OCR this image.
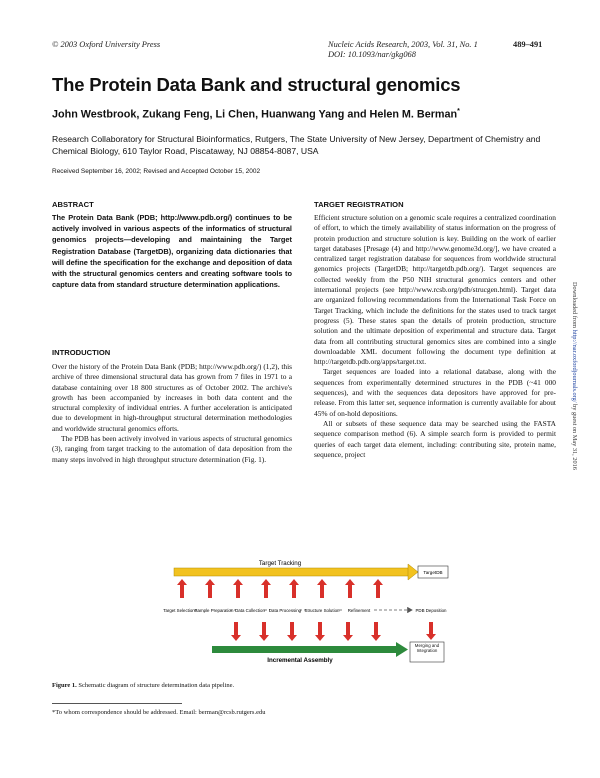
© 2003 Oxford University Press	Nucleic Acids Research, 2003, Vol. 31, No. 1	489–491
DOI: 10.1093/nar/gkg068
The Protein Data Bank and structural genomics
John Westbrook, Zukang Feng, Li Chen, Huanwang Yang and Helen M. Berman*
Research Collaboratory for Structural Bioinformatics, Rutgers, The State University of New Jersey, Department of Chemistry and Chemical Biology, 610 Taylor Road, Piscataway, NJ 08854-8087, USA
Received September 16, 2002; Revised and Accepted October 15, 2002
ABSTRACT
The Protein Data Bank (PDB; http://www.pdb.org/) continues to be actively involved in various aspects of the informatics of structural genomics projects—developing and maintaining the Target Registration Database (TargetDB), organizing data dictionaries that will define the specification for the exchange and deposition of data with the structural genomics centers and creating software tools to capture data from standard structure determination applications.
INTRODUCTION

Over the history of the Protein Data Bank (PDB; http://www.pdb.org/) (1,2), this archive of three dimensional structural data has grown from 7 files in 1971 to a database containing over 18 800 structures as of October 2002. The archive's growth has been accompanied by increases in both data content and the structural complexity of individual entries. A further acceleration is anticipated due to development in high-throughput structural determination methodologies and worldwide structural genomics efforts.

The PDB has been actively involved in various aspects of structural genomics (3), ranging from target tracking to the automation of data deposition from the many steps involved in high throughput structure determination (Fig. 1).

TARGET REGISTRATION

Efficient structure solution on a genomic scale requires a centralized coordination of effort, to which the timely availability of status information on the progress of protein production and structure solution is key. Building on the work of earlier target databases [Presage (4) and http://www.genome3d.org/], we have created a centralized target registration database for sequences from worldwide structural genomics projects (TargetDB; http://targetdb.pdb.org/). Target sequences are collected weekly from the P50 NIH structural genomics centers and other international projects (see http://www.rcsb.org/pdb/strucgen.html). Target data are organized following recommendations from the International Task Force on Target Tracking, which include the definitions for the states used to track target progress (5). These states span the details of protein production, structure solution and the ultimate deposition of experimental and structure data. Target data from all contributing structural genomics sites are combined into a single downloadable XML document following the document type definition at http://targetdb.pdb.org/apps/target.txt.

Target sequences are loaded into a relational database, along with the sequences from experimentally determined structures in the PDB (~41 000 sequences), and with the sequences data depositors have approved for pre-release. From this latter set, sequence information is currently available for about 45% of on-hold depositions.

All or subsets of these sequence data may be searched using the FASTA sequence comparison method (6). A simple search form is provided to permit queries of each target data element, including: contributing site, protein name, sequence, project

Downloaded from http://nar.oxfordjournals.org/ by guest on May 31, 2016
Target Tracking
TargetDB
Target Selection Sample Preparation Data Collection Data Processing Structure Solution Refinement	PDB Deposition
Incremental Assembly
Merging and Integration
Figure 1. Schematic diagram of structure determination data pipeline.
*To whom correspondence should be addressed. Email: berman@rcsb.rutgers.edu
